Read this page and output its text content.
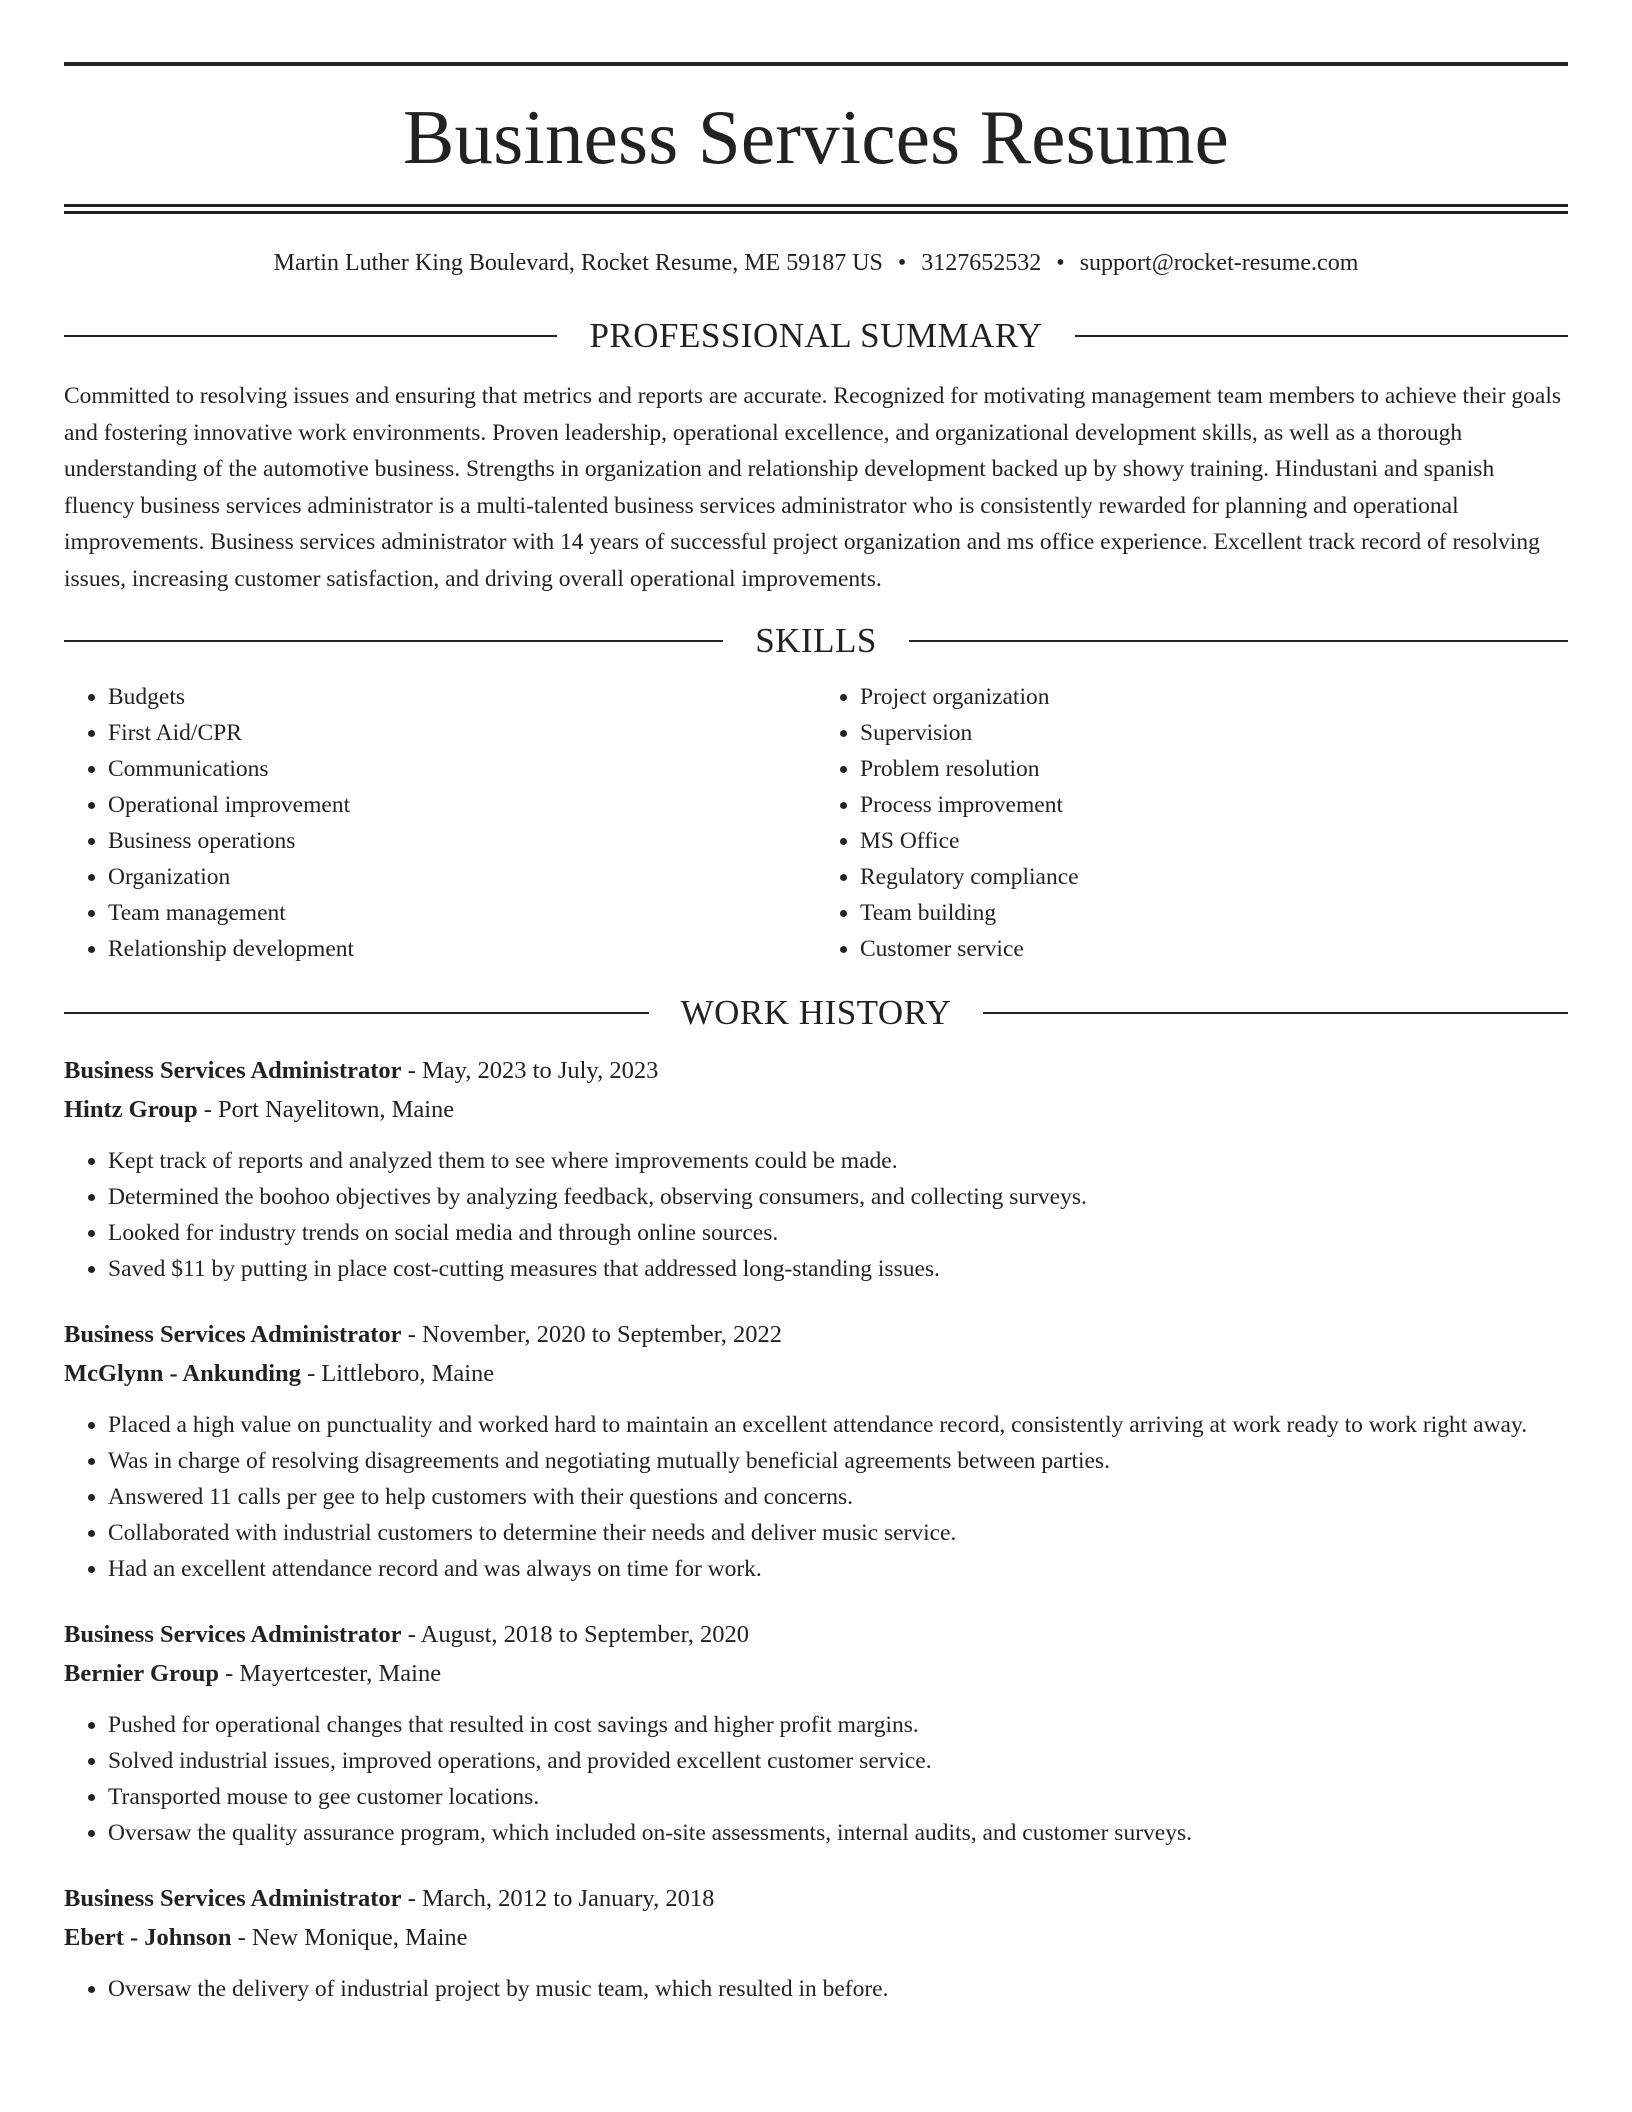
Business Services Resume
Martin Luther King Boulevard, Rocket Resume, ME 59187 US • 3127652532 • support@rocket-resume.com
PROFESSIONAL SUMMARY

Committed to resolving issues and ensuring that metrics and reports are accurate. Recognized for motivating management team members to achieve their goals and fostering innovative work environments. Proven leadership, operational excellence, and organizational development skills, as well as a thorough understanding of the automotive business. Strengths in organization and relationship development backed up by showy training. Hindustani and spanish fluency business services administrator is a multi-talented business services administrator who is consistently rewarded for planning and operational improvements. Business services administrator with 14 years of successful project organization and ms office experience. Excellent track record of resolving issues, increasing customer satisfaction, and driving overall operational improvements.

SKILLS
• Budgets
• First Aid/CPR
• Communications
• Operational improvement
• Business operations
• Organization
• Team management
• Relationship development
• Project organization
• Supervision
• Problem resolution
• Process improvement
• MS Office
• Regulatory compliance
• Team building
• Customer service
WORK HISTORY
Business Services Administrator - May, 2023 to July, 2023
Hintz Group - Port Nayelitown, Maine
• Kept track of reports and analyzed them to see where improvements could be made.
• Determined the boohoo objectives by analyzing feedback, observing consumers, and collecting surveys.
• Looked for industry trends on social media and through online sources.
• Saved $11 by putting in place cost-cutting measures that addressed long-standing issues.
Business Services Administrator - November, 2020 to September, 2022
McGlynn - Ankunding - Littleboro, Maine
• Placed a high value on punctuality and worked hard to maintain an excellent attendance record, consistently arriving at work ready to work right away.
• Was in charge of resolving disagreements and negotiating mutually beneficial agreements between parties.
• Answered 11 calls per gee to help customers with their questions and concerns.
• Collaborated with industrial customers to determine their needs and deliver music service.
• Had an excellent attendance record and was always on time for work.
Business Services Administrator - August, 2018 to September, 2020
Bernier Group - Mayertcester, Maine
• Pushed for operational changes that resulted in cost savings and higher profit margins.
• Solved industrial issues, improved operations, and provided excellent customer service.
• Transported mouse to gee customer locations.
• Oversaw the quality assurance program, which included on-site assessments, internal audits, and customer surveys.
Business Services Administrator - March, 2012 to January, 2018
Ebert - Johnson - New Monique, Maine
• Oversaw the delivery of industrial project by music team, which resulted in before.
